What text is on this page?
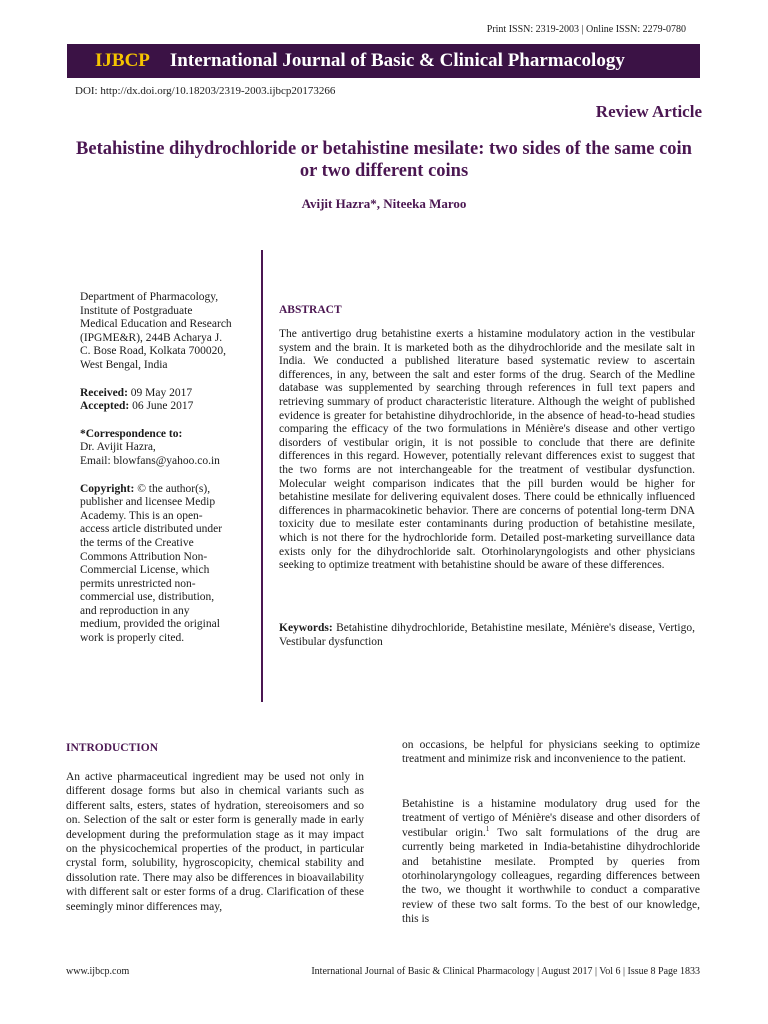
Print ISSN: 2319-2003 | Online ISSN: 2279-0780
IJBCP International Journal of Basic & Clinical Pharmacology
DOI: http://dx.doi.org/10.18203/2319-2003.ijbcp20173266
Review Article
Betahistine dihydrochloride or betahistine mesilate: two sides of the same coin or two different coins
Avijit Hazra*, Niteeka Maroo
Department of Pharmacology,
Institute of Postgraduate
Medical Education and Research
(IPGME&R), 244B Acharya J.
C. Bose Road, Kolkata 700020,
West Bengal, India
Received: 09 May 2017
Accepted: 06 June 2017
*Correspondence to:
Dr. Avijit Hazra,
Email: blowfans@yahoo.co.in
Copyright: © the author(s),
publisher and licensee Medip
Academy. This is an open-
access article distributed under
the terms of the Creative
Commons Attribution Non-
Commercial License, which
permits unrestricted non-
commercial use, distribution,
and reproduction in any
medium, provided the original
work is properly cited.
ABSTRACT
The antivertigo drug betahistine exerts a histamine modulatory action in the vestibular system and the brain. It is marketed both as the dihydrochloride and the mesilate salt in India. We conducted a published literature based systematic review to ascertain differences, in any, between the salt and ester forms of the drug. Search of the Medline database was supplemented by searching through references in full text papers and retrieving summary of product characteristic literature. Although the weight of published evidence is greater for betahistine dihydrochloride, in the absence of head-to-head studies comparing the efficacy of the two formulations in Ménière's disease and other vertigo disorders of vestibular origin, it is not possible to conclude that there are definite differences in this regard. However, potentially relevant differences exist to suggest that the two forms are not interchangeable for the treatment of vestibular dysfunction. Molecular weight comparison indicates that the pill burden would be higher for betahistine mesilate for delivering equivalent doses. There could be ethnically influenced differences in pharmacokinetic behavior. There are concerns of potential long-term DNA toxicity due to mesilate ester contaminants during production of betahistine mesilate, which is not there for the hydrochloride form. Detailed post-marketing surveillance data exists only for the dihydrochloride salt. Otorhinolaryngologists and other physicians seeking to optimize treatment with betahistine should be aware of these differences.
Keywords: Betahistine dihydrochloride, Betahistine mesilate, Ménière's disease, Vertigo, Vestibular dysfunction
INTRODUCTION
An active pharmaceutical ingredient may be used not only in different dosage forms but also in chemical variants such as different salts, esters, states of hydration, stereoisomers and so on. Selection of the salt or ester form is generally made in early development during the preformulation stage as it may impact on the physicochemical properties of the product, in particular crystal form, solubility, hygroscopicity, chemical stability and dissolution rate. There may also be differences in bioavailability with different salt or ester forms of a drug. Clarification of these seemingly minor differences may,
on occasions, be helpful for physicians seeking to optimize treatment and minimize risk and inconvenience to the patient.
Betahistine is a histamine modulatory drug used for the treatment of vertigo of Ménière's disease and other disorders of vestibular origin.$^1$ Two salt formulations of the drug are currently being marketed in India-betahistine dihydrochloride and betahistine mesilate. Prompted by queries from otorhinolaryngology colleagues, regarding differences between the two, we thought it worthwhile to conduct a comparative review of these two salt forms. To the best of our knowledge, this is
www.ijbcp.com	International Journal of Basic & Clinical Pharmacology | August 2017 | Vol 6 | Issue 8 Page 1833
